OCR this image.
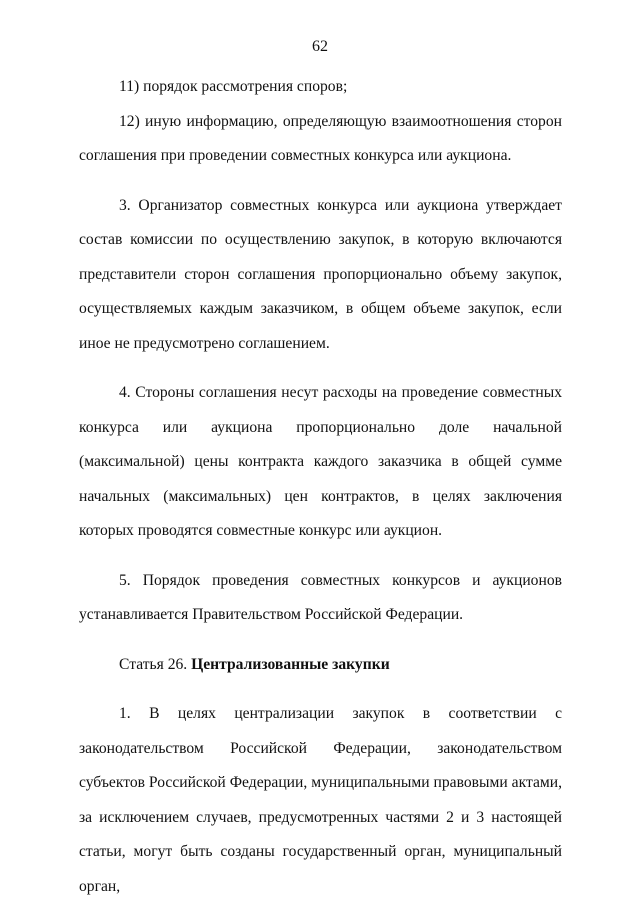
62

11) порядок рассмотрения споров;

12) иную информацию, определяющую взаимоотношения сторон соглашения при проведении совместных конкурса или аукциона.

3. Организатор совместных конкурса или аукциона утверждает состав комиссии по осуществлению закупок, в которую включаются представители сторон соглашения пропорционально объему закупок, осуществляемых каждым заказчиком, в общем объеме закупок, если иное не предусмотрено соглашением.

4. Стороны соглашения несут расходы на проведение совместных конкурса или аукциона пропорционально доле начальной (максимальной) цены контракта каждого заказчика в общей сумме начальных (максимальных) цен контрактов, в целях заключения которых проводятся совместные конкурс или аукцион.

5. Порядок проведения совместных конкурсов и аукционов устанавливается Правительством Российской Федерации.

Статья 26. Централизованные закупки

1. В целях централизации закупок в соответствии с законодательством Российской Федерации, законодательством субъектов Российской Федерации, муниципальными правовыми актами, за исключением случаев, предусмотренных частями 2 и 3 настоящей статьи, могут быть созданы государственный орган, муниципальный орган,
